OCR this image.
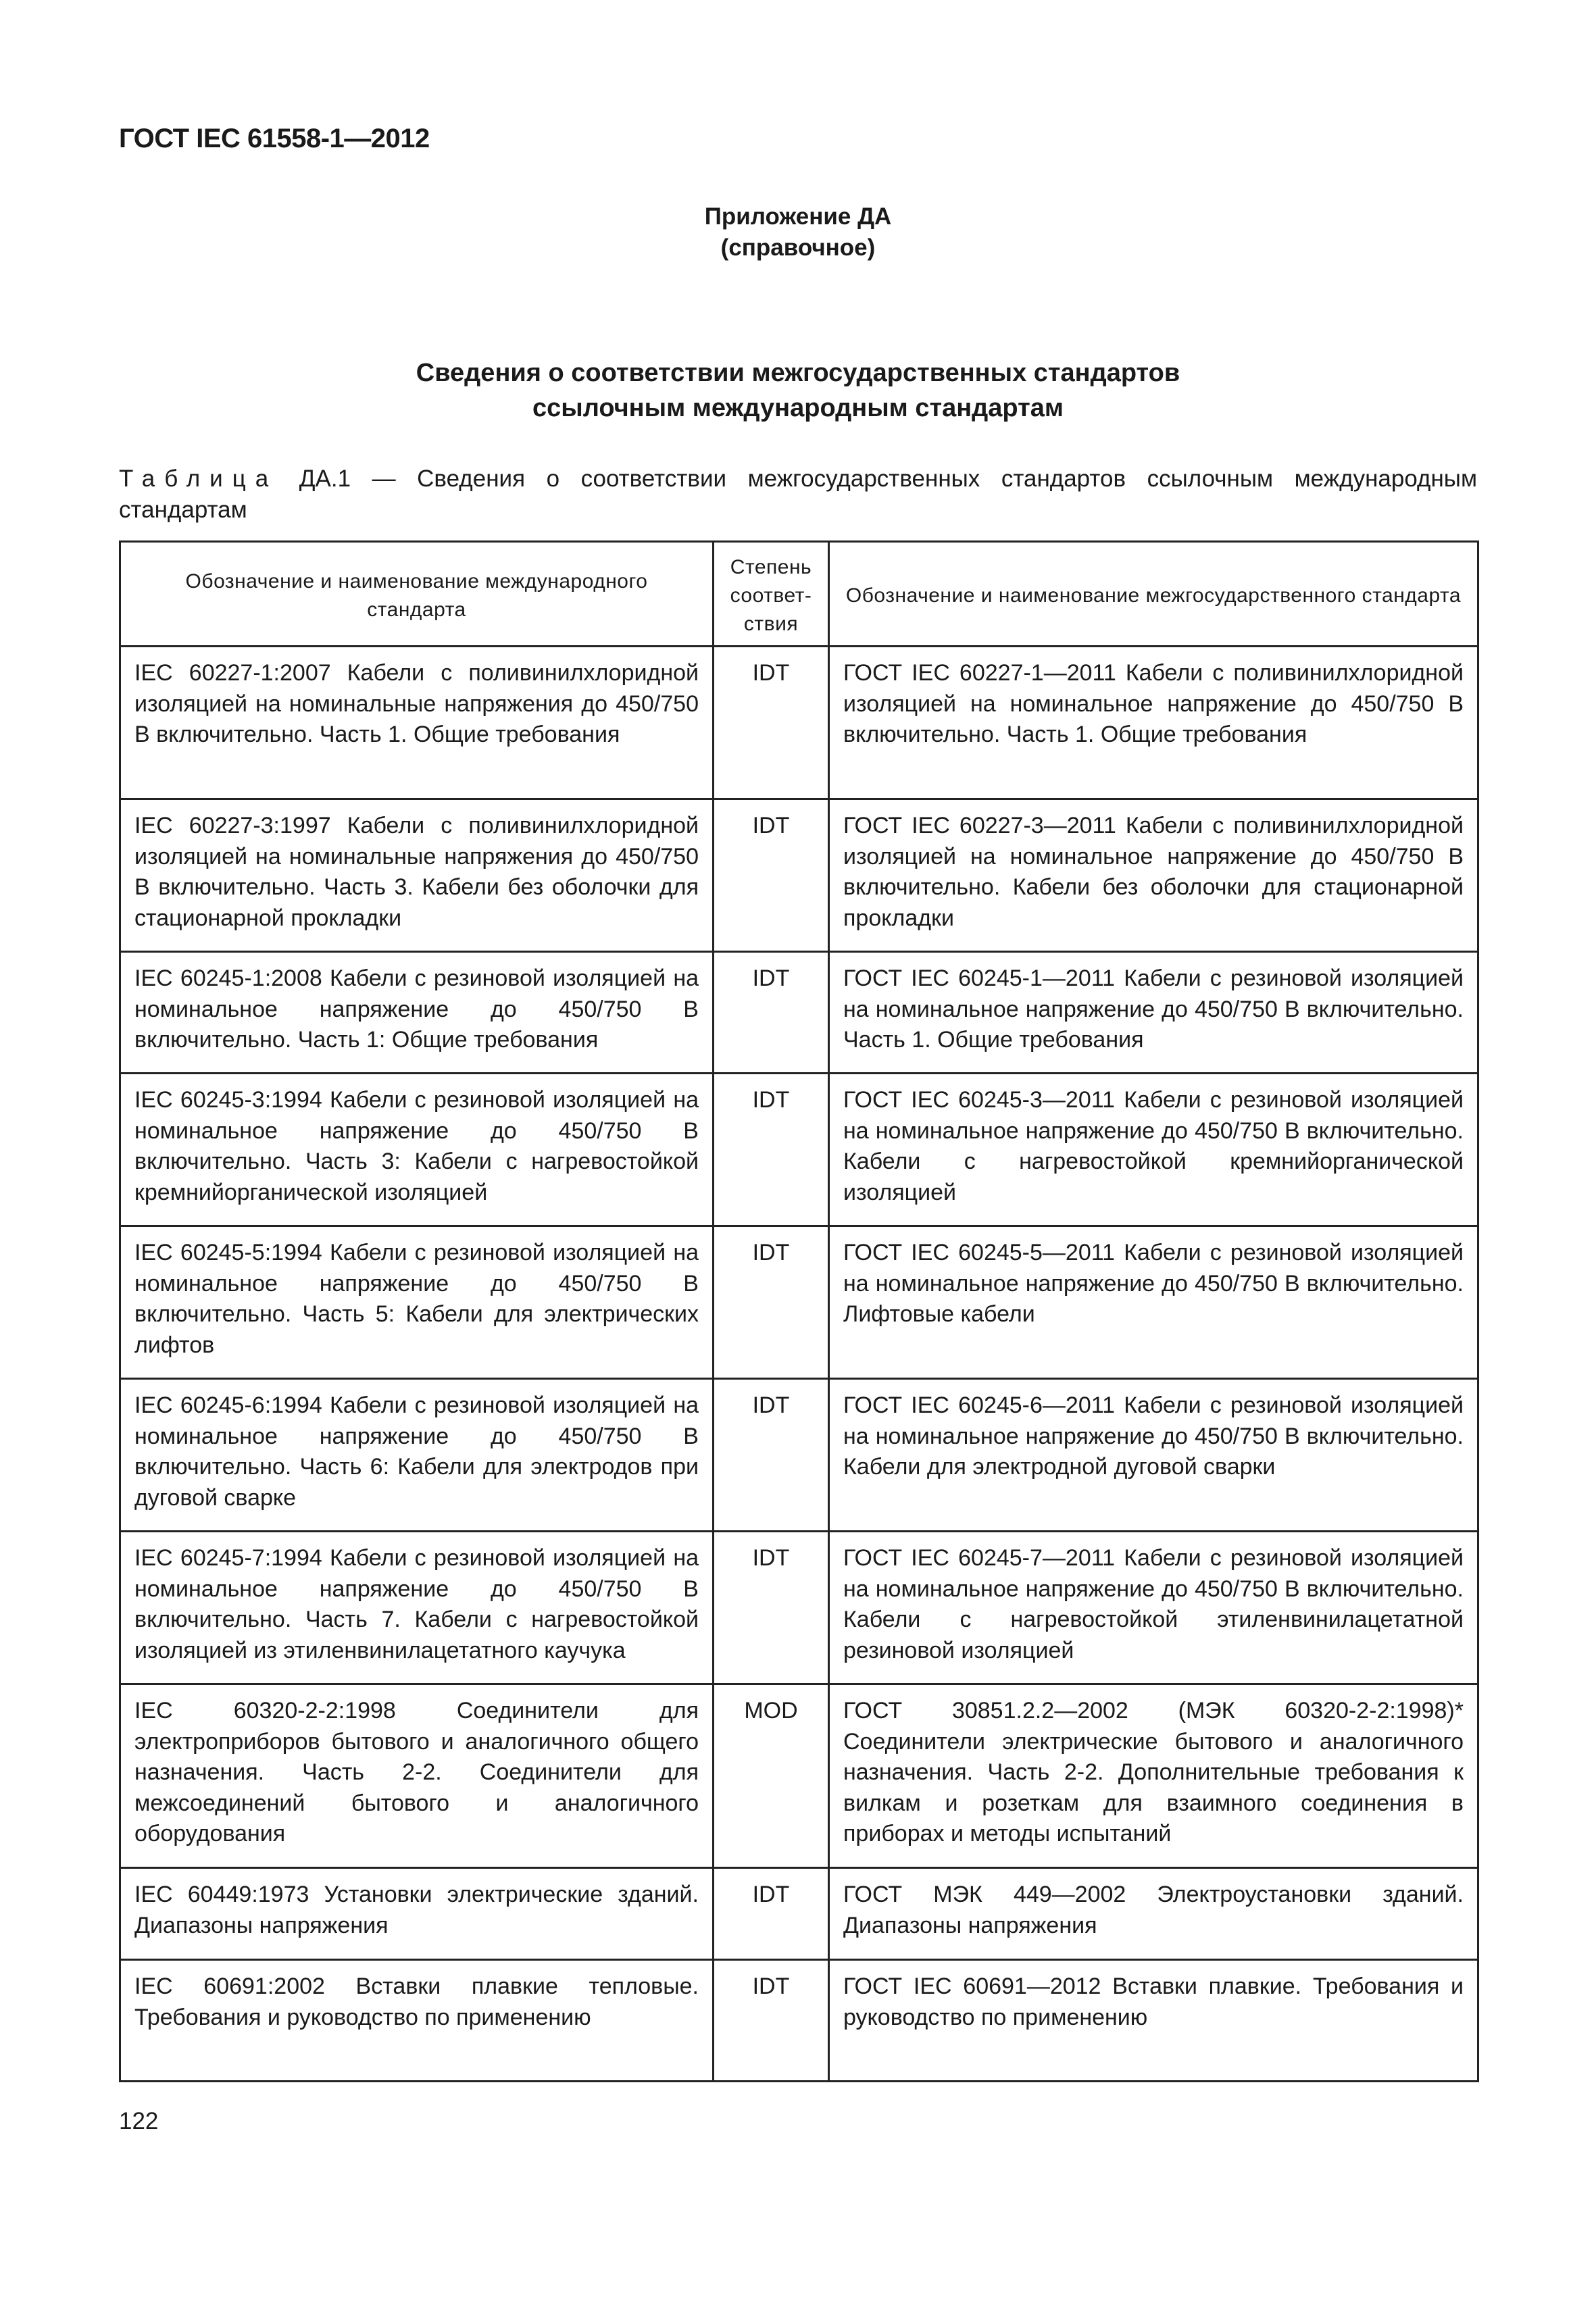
ГОСТ IEC 61558-1—2012
Приложение ДА
(справочное)
Сведения о соответствии межгосударственных стандартов
ссылочным международным стандартам
Таблица ДА.1 — Сведения о соответствии межгосударственных стандартов ссылочным международным стандартам
Обозначение и наименование международного стандарта	Степень соответ-ствия	Обозначение и наименование межгосударственного стандарта
IEC 60227-1:2007 Кабели с поливинилхлоридной изоляцией на номинальные напряжения до 450/750 В включительно. Часть 1. Общие требования	IDT	ГОСТ IEC 60227-1—2011 Кабели с поливинилхлоридной изоляцией на номинальное напряжение до 450/750 В включительно. Часть 1. Общие требования
IEC 60227-3:1997 Кабели с поливинилхлоридной изоляцией на номинальные напряжения до 450/750 В включительно. Часть 3. Кабели без оболочки для стационарной прокладки	IDT	ГОСТ IEC 60227-3—2011 Кабели с поливинилхлоридной изоляцией на номинальное напряжение до 450/750 В включительно. Кабели без оболочки для стационарной прокладки
IEC 60245-1:2008 Кабели с резиновой изоляцией на номинальное напряжение до 450/750 В включительно. Часть 1: Общие требования	IDT	ГОСТ IEC 60245-1—2011 Кабели с резиновой изоляцией на номинальное напряжение до 450/750 В включительно. Часть 1. Общие требования
IEC 60245-3:1994 Кабели с резиновой изоляцией на номинальное напряжение до 450/750 В включительно. Часть 3: Кабели с нагревостойкой кремнийорганической изоляцией	IDT	ГОСТ IEC 60245-3—2011 Кабели с резиновой изоляцией на номинальное напряжение до 450/750 В включительно. Кабели с нагревостойкой кремнийорганической изоляцией
IEC 60245-5:1994 Кабели с резиновой изоляцией на номинальное напряжение до 450/750 В включительно. Часть 5: Кабели для электрических лифтов	IDT	ГОСТ IEC 60245-5—2011 Кабели с резиновой изоляцией на номинальное напряжение до 450/750 В включительно. Лифтовые кабели
IEC 60245-6:1994 Кабели с резиновой изоляцией на номинальное напряжение до 450/750 В включительно. Часть 6: Кабели для электродов при дуговой сварке	IDT	ГОСТ IEC 60245-6—2011 Кабели с резиновой изоляцией на номинальное напряжение до 450/750 В включительно. Кабели для электродной дуговой сварки
IEC 60245-7:1994 Кабели с резиновой изоляцией на номинальное напряжение до 450/750 В включительно. Часть 7. Кабели с нагревостойкой изоляцией из этиленвинилацетатного каучука	IDT	ГОСТ IEC 60245-7—2011 Кабели с резиновой изоляцией на номинальное напряжение до 450/750 В включительно. Кабели с нагревостойкой этиленвинилацетатной резиновой изоляцией
IEC 60320-2-2:1998 Соединители для электроприборов бытового и аналогичного общего назначения. Часть 2-2. Соединители для межсоединений бытового и аналогичного оборудования	MOD	ГОСТ 30851.2.2—2002 (МЭК 60320-2-2:1998)* Соединители электрические бытового и аналогичного назначения. Часть 2-2. Дополнительные требования к вилкам и розеткам для взаимного соединения в приборах и методы испытаний
IEC 60449:1973 Установки электрические зданий. Диапазоны напряжения	IDT	ГОСТ МЭК 449—2002 Электроустановки зданий. Диапазоны напряжения
IEC 60691:2002 Вставки плавкие тепловые. Требования и руководство по применению	IDT	ГОСТ IEC 60691—2012 Вставки плавкие. Требования и руководство по применению
122
